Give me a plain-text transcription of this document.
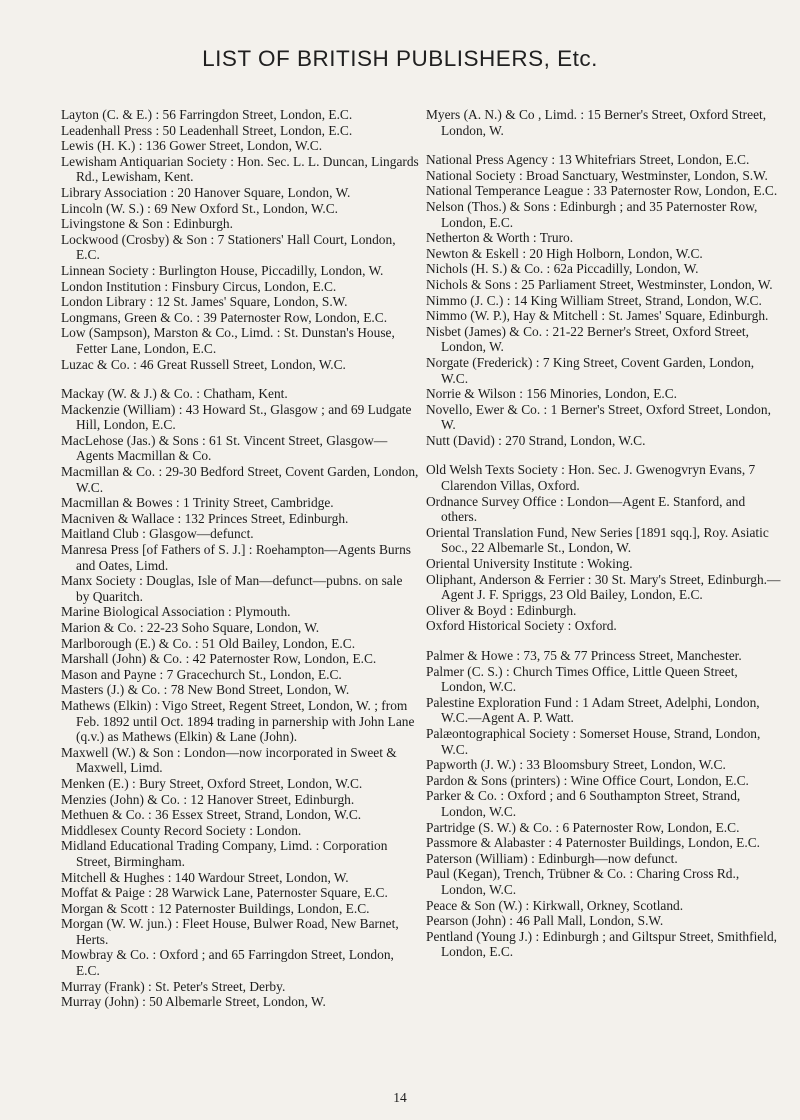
LIST OF BRITISH PUBLISHERS, Etc.

Layton (C. & E.) : 56 Farringdon Street, London, E.C.

Leadenhall Press : 50 Leadenhall Street, London, E.C.

Lewis (H. K.) : 136 Gower Street, London, W.C.

Lewisham Antiquarian Society : Hon. Sec. L. L. Duncan, Lingards Rd., Lewisham, Kent.

Library Association : 20 Hanover Square, London, W.

Lincoln (W. S.) : 69 New Oxford St., London, W.C.

Livingstone & Son : Edinburgh.

Lockwood (Crosby) & Son : 7 Stationers' Hall Court, London, E.C.

Linnean Society : Burlington House, Piccadilly, London, W.

London Institution : Finsbury Circus, London, E.C.

London Library : 12 St. James' Square, London, S.W.

Longmans, Green & Co. : 39 Paternoster Row, London, E.C.

Low (Sampson), Marston & Co., Limd. : St. Dunstan's House, Fetter Lane, London, E.C.

Luzac & Co. : 46 Great Russell Street, London, W.C.

Mackay (W. & J.) & Co. : Chatham, Kent.

Mackenzie (William) : 43 Howard St., Glasgow ; and 69 Ludgate Hill, London, E.C.

MacLehose (Jas.) & Sons : 61 St. Vincent Street, Glasgow—Agents Macmillan & Co.

Macmillan & Co. : 29-30 Bedford Street, Covent Garden, London, W.C.

Macmillan & Bowes : 1 Trinity Street, Cambridge.

Macniven & Wallace : 132 Princes Street, Edinburgh.

Maitland Club : Glasgow—defunct.

Manresa Press [of Fathers of S. J.] : Roehampton—Agents Burns and Oates, Limd.

Manx Society : Douglas, Isle of Man—defunct—pubns. on sale by Quaritch.

Marine Biological Association : Plymouth.

Marion & Co. : 22-23 Soho Square, London, W.

Marlborough (E.) & Co. : 51 Old Bailey, London, E.C.

Marshall (John) & Co. : 42 Paternoster Row, London, E.C.

Mason and Payne : 7 Gracechurch St., London, E.C.

Masters (J.) & Co. : 78 New Bond Street, London, W.

Mathews (Elkin) : Vigo Street, Regent Street, London, W. ; from Feb. 1892 until Oct. 1894 trading in parnership with John Lane (q.v.) as Mathews (Elkin) & Lane (John).

Maxwell (W.) & Son : London—now incorporated in Sweet & Maxwell, Limd.

Menken (E.) : Bury Street, Oxford Street, London, W.C.

Menzies (John) & Co. : 12 Hanover Street, Edinburgh.

Methuen & Co. : 36 Essex Street, Strand, London, W.C.

Middlesex County Record Society : London.

Midland Educational Trading Company, Limd. : Corporation Street, Birmingham.

Mitchell & Hughes : 140 Wardour Street, London, W.

Moffat & Paige : 28 Warwick Lane, Paternoster Square, E.C.

Morgan & Scott : 12 Paternoster Buildings, London, E.C.

Morgan (W. W. jun.) : Fleet House, Bulwer Road, New Barnet, Herts.

Mowbray & Co. : Oxford ; and 65 Farringdon Street, London, E.C.

Murray (Frank) : St. Peter's Street, Derby.

Murray (John) : 50 Albemarle Street, London, W.

Myers (A. N.) & Co , Limd. : 15 Berner's Street, Oxford Street, London, W.

National Press Agency : 13 Whitefriars Street, London, E.C.

National Society : Broad Sanctuary, Westminster, London, S.W.

National Temperance League : 33 Paternoster Row, London, E.C.

Nelson (Thos.) & Sons : Edinburgh ; and 35 Paternoster Row, London, E.C.

Netherton & Worth : Truro.

Newton & Eskell : 20 High Holborn, London, W.C.

Nichols (H. S.) & Co. : 62a Piccadilly, London, W.

Nichols & Sons : 25 Parliament Street, Westminster, London, W.

Nimmo (J. C.) : 14 King William Street, Strand, London, W.C.

Nimmo (W. P.), Hay & Mitchell : St. James' Square, Edinburgh.

Nisbet (James) & Co. : 21-22 Berner's Street, Oxford Street, London, W.

Norgate (Frederick) : 7 King Street, Covent Garden, London, W.C.

Norrie & Wilson : 156 Minories, London, E.C.

Novello, Ewer & Co. : 1 Berner's Street, Oxford Street, London, W.

Nutt (David) : 270 Strand, London, W.C.

Old Welsh Texts Society : Hon. Sec. J. Gwenogvryn Evans, 7 Clarendon Villas, Oxford.

Ordnance Survey Office : London—Agent E. Stanford, and others.

Oriental Translation Fund, New Series [1891 sqq.], Roy. Asiatic Soc., 22 Albemarle St., London, W.

Oriental University Institute : Woking.

Oliphant, Anderson & Ferrier : 30 St. Mary's Street, Edinburgh.—Agent J. F. Spriggs, 23 Old Bailey, London, E.C.

Oliver & Boyd : Edinburgh.

Oxford Historical Society : Oxford.

Palmer & Howe : 73, 75 & 77 Princess Street, Manchester.

Palmer (C. S.) : Church Times Office, Little Queen Street, London, W.C.

Palestine Exploration Fund : 1 Adam Street, Adelphi, London, W.C.—Agent A. P. Watt.

Palæontographical Society : Somerset House, Strand, London, W.C.

Papworth (J. W.) : 33 Bloomsbury Street, London, W.C.

Pardon & Sons (printers) : Wine Office Court, London, E.C.

Parker & Co. : Oxford ; and 6 Southampton Street, Strand, London, W.C.

Partridge (S. W.) & Co. : 6 Paternoster Row, London, E.C.

Passmore & Alabaster : 4 Paternoster Buildings, London, E.C.

Paterson (William) : Edinburgh—now defunct.

Paul (Kegan), Trench, Trübner & Co. : Charing Cross Rd., London, W.C.

Peace & Son (W.) : Kirkwall, Orkney, Scotland.

Pearson (John) : 46 Pall Mall, London, S.W.

Pentland (Young J.) : Edinburgh ; and Giltspur Street, Smithfield, London, E.C.

14
